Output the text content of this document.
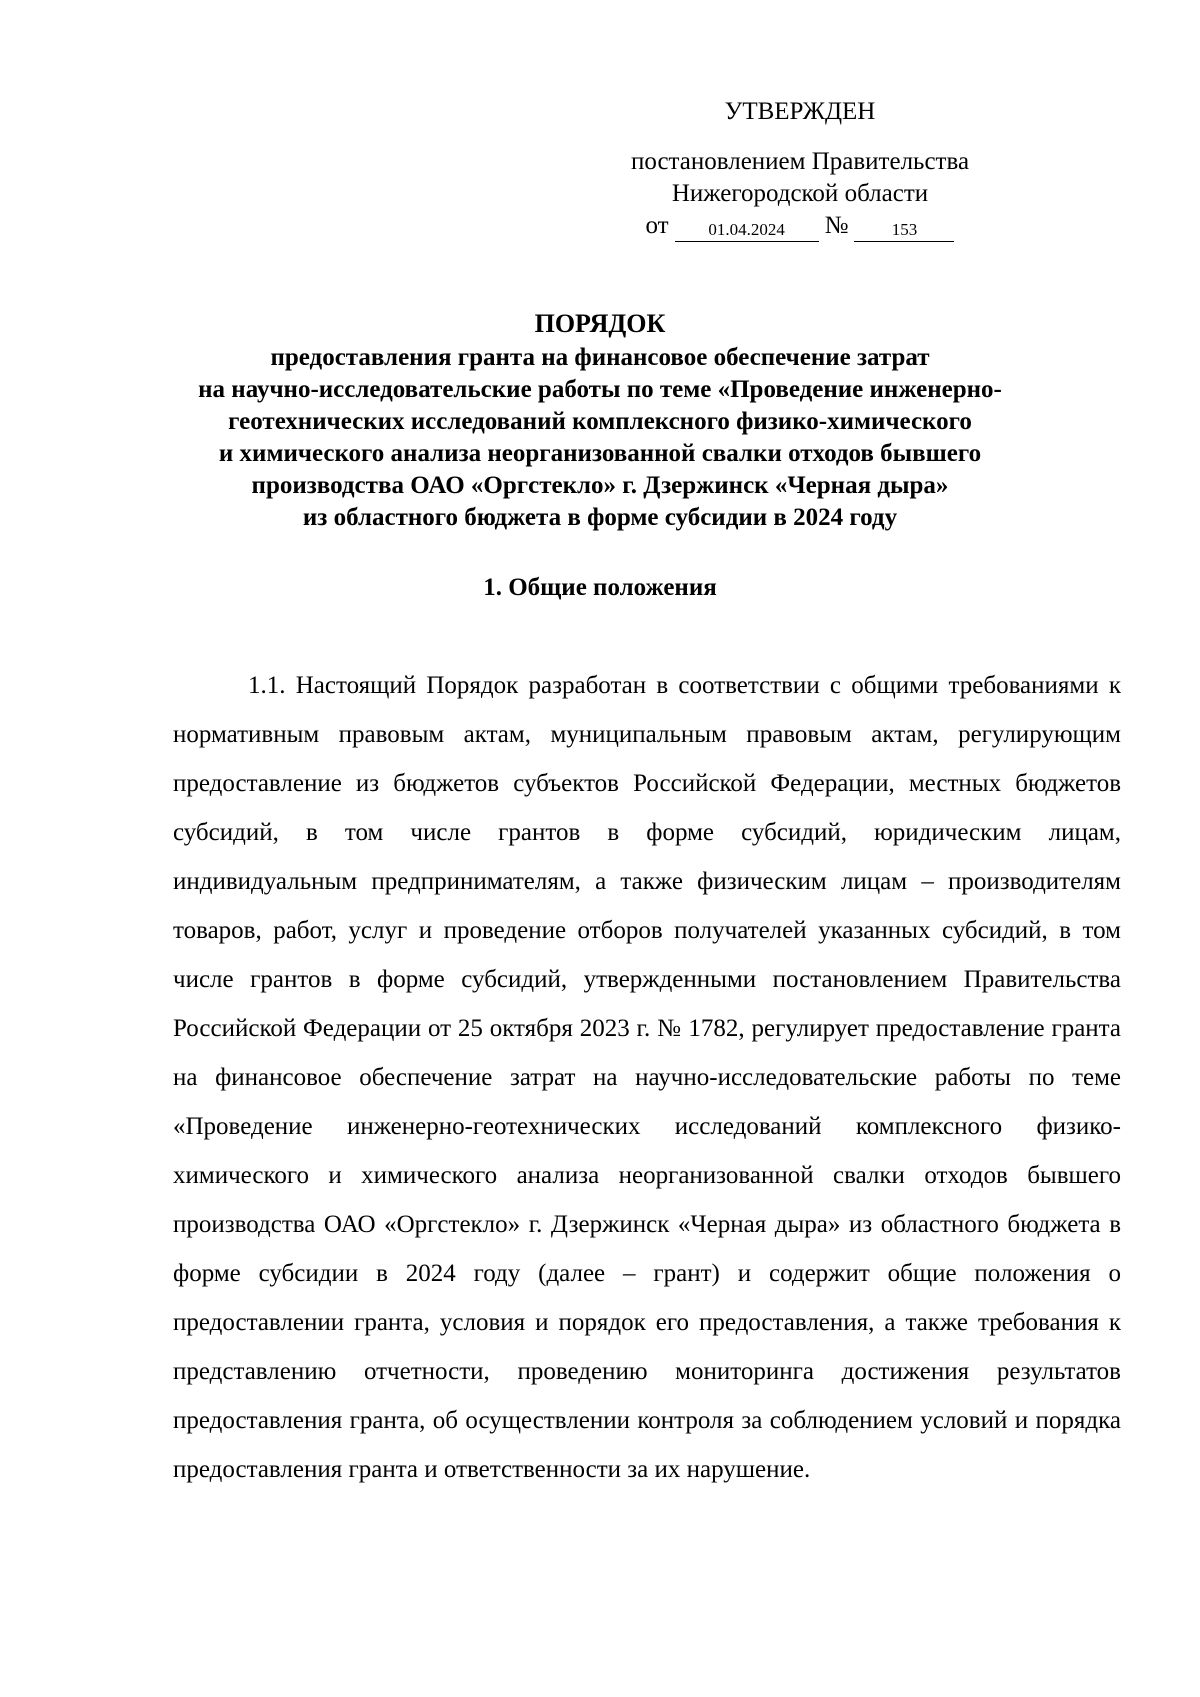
УТВЕРЖДЕН
постановлением Правительства
Нижегородской области
от	01.04.2024	№	153
ПОРЯДОК
предоставления гранта на финансовое обеспечение затрат
на научно-исследовательские работы по теме «Проведение инженерно-
геотехнических исследований комплексного физико-химического
и химического анализа неорганизованной свалки отходов бывшего
производства ОАО «Оргстекло» г. Дзержинск «Черная дыра»
из областного бюджета в форме субсидии в 2024 году
1. Общие положения

1.1. Настоящий Порядок разработан в соответствии с общими требованиями к нормативным правовым актам, муниципальным правовым актам, регулирующим предоставление из бюджетов субъектов Российской Федерации, местных бюджетов субсидий, в том числе грантов в форме субсидий, юридическим лицам, индивидуальным предпринимателям, а также физическим лицам – производителям товаров, работ, услуг и проведение отборов получателей указанных субсидий, в том числе грантов в форме субсидий, утвержденными постановлением Правительства Российской Федерации от 25 октября 2023 г. № 1782, регулирует предоставление гранта на финансовое обеспечение затрат на научно-исследовательские работы по теме «Проведение инженерно-геотехнических исследований комплексного физико-химического и химического анализа неорганизованной свалки отходов бывшего производства ОАО «Оргстекло» г. Дзержинск «Черная дыра» из областного бюджета в форме субсидии в 2024 году (далее – грант) и содержит общие положения о предоставлении гранта, условия и порядок его предоставления, а также требования к представлению отчетности, проведению мониторинга достижения результатов предоставления гранта, об осуществлении контроля за соблюдением условий и порядка предоставления гранта и ответственности за их нарушение.
